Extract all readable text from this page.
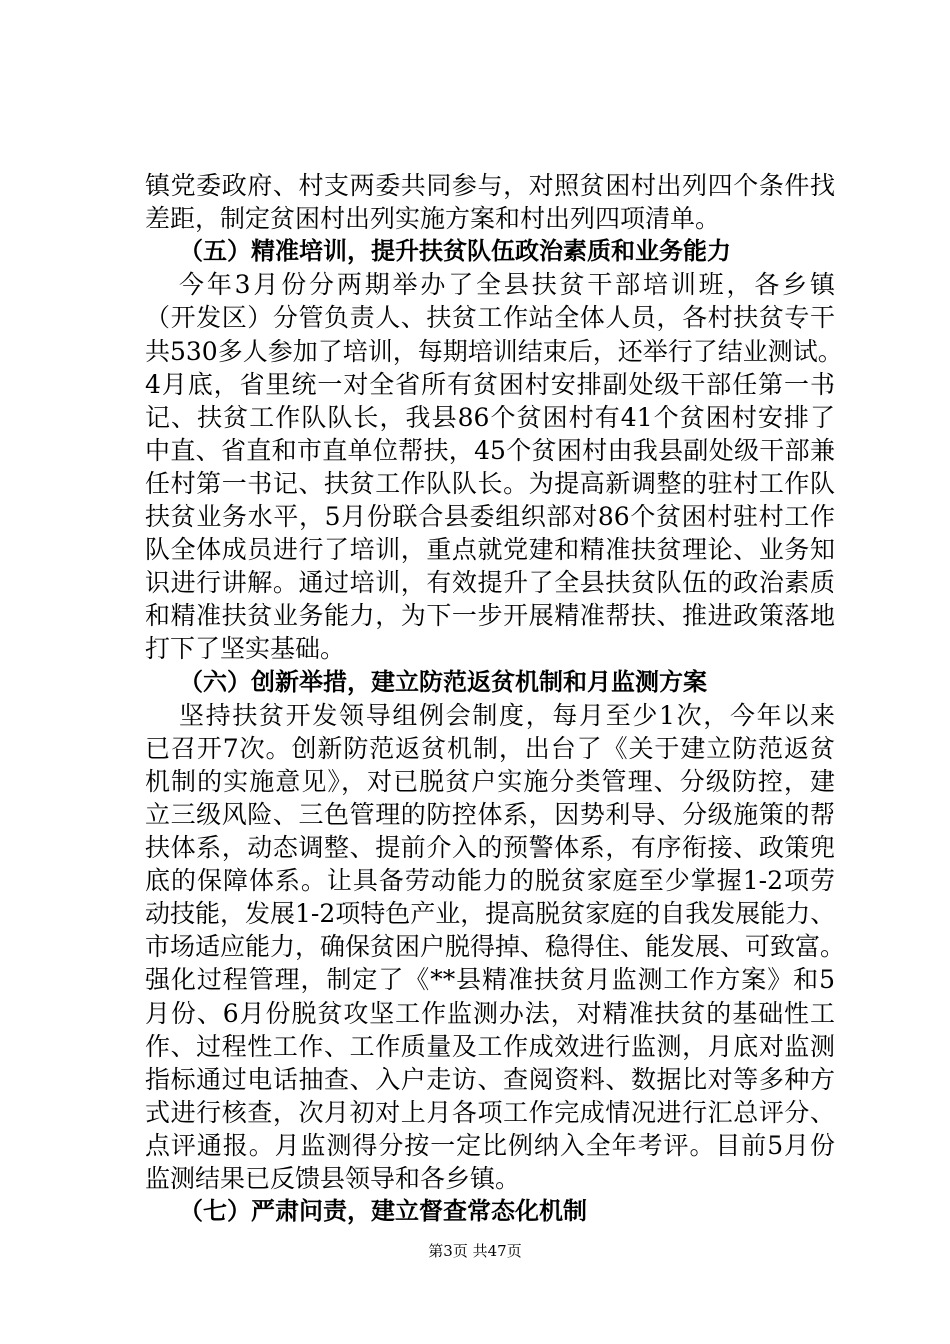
镇党委政府、村支两委共同参与，对照贫困村出列四个条件找
差距，制定贫困村出列实施方案和村出列四项清单。
（五）精准培训，提升扶贫队伍政治素质和业务能力
今年3月份分两期举办了全县扶贫干部培训班，各乡镇
（开发区）分管负责人、扶贫工作站全体人员，各村扶贫专干
共530多人参加了培训，每期培训结束后，还举行了结业测试。
4月底，省里统一对全省所有贫困村安排副处级干部任第一书
记、扶贫工作队队长，我县86个贫困村有41个贫困村安排了
中直、省直和市直单位帮扶，45个贫困村由我县副处级干部兼
任村第一书记、扶贫工作队队长。为提高新调整的驻村工作队
扶贫业务水平，5月份联合县委组织部对86个贫困村驻村工作
队全体成员进行了培训，重点就党建和精准扶贫理论、业务知
识进行讲解。通过培训，有效提升了全县扶贫队伍的政治素质
和精准扶贫业务能力，为下一步开展精准帮扶、推进政策落地
打下了坚实基础。
（六）创新举措，建立防范返贫机制和月监测方案
坚持扶贫开发领导组例会制度，每月至少1次，今年以来
已召开7次。创新防范返贫机制，出台了《关于建立防范返贫
机制的实施意见》，对已脱贫户实施分类管理、分级防控，建
立三级风险、三色管理的防控体系，因势利导、分级施策的帮
扶体系，动态调整、提前介入的预警体系，有序衔接、政策兜
底的保障体系。让具备劳动能力的脱贫家庭至少掌握1-2项劳
动技能，发展1-2项特色产业，提高脱贫家庭的自我发展能力、
市场适应能力，确保贫困户脱得掉、稳得住、能发展、可致富。
强化过程管理，制定了《**县精准扶贫月监测工作方案》和5
月份、6月份脱贫攻坚工作监测办法，对精准扶贫的基础性工
作、过程性工作、工作质量及工作成效进行监测，月底对监测
指标通过电话抽查、入户走访、查阅资料、数据比对等多种方
式进行核查，次月初对上月各项工作完成情况进行汇总评分、
点评通报。月监测得分按一定比例纳入全年考评。目前5月份
监测结果已反馈县领导和各乡镇。
（七）严肃问责，建立督查常态化机制
第3页 共47页
